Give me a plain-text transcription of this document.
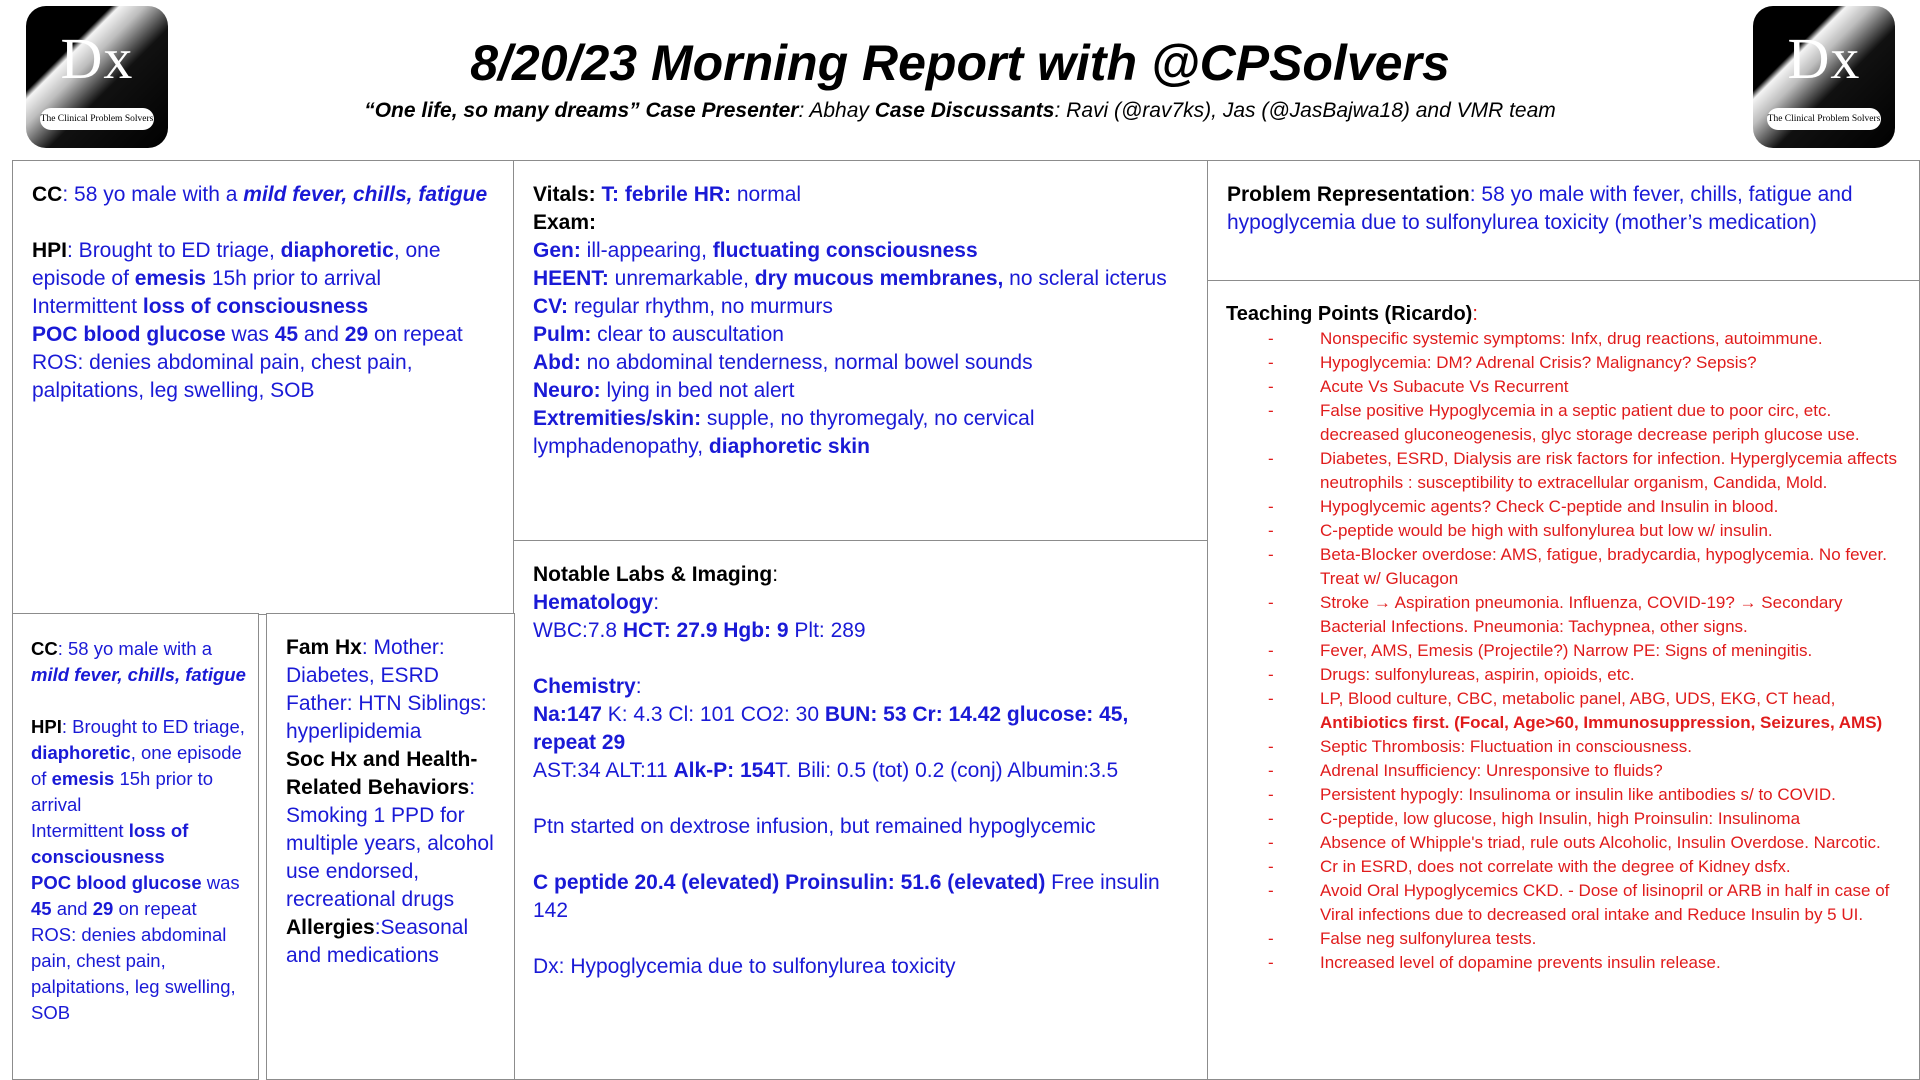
Dx
The Clinical Problem Solvers
Dx
The Clinical Problem Solvers
8/20/23 Morning Report with @CPSolvers
“One life, so many dreams” Case Presenter: Abhay Case Discussants: Ravi (@rav7ks), Jas (@JasBajwa18) and VMR team
CC: 58 yo male with a mild fever, chills, fatigue
HPI: Brought to ED triage, diaphoretic, one episode of emesis 15h prior to arrival
Intermittent loss of consciousness
POC blood glucose was 45 and 29 on repeat
ROS: denies abdominal pain, chest pain, palpitations, leg swelling, SOB
Vitals: T: febrile HR: normal
Exam:
Gen: ill-appearing, fluctuating consciousness
HEENT: unremarkable, dry mucous membranes, no scleral icterus
CV: regular rhythm, no murmurs
Pulm: clear to auscultation
Abd: no abdominal tenderness, normal bowel sounds
Neuro: lying in bed not alert
Extremities/skin: supple, no thyromegaly, no cervical lymphadenopathy, diaphoretic skin
Notable Labs & Imaging:
Hematology:
WBC:7.8 HCT: 27.9 Hgb: 9 Plt: 289

Chemistry:
Na:147 K: 4.3 Cl: 101 CO2: 30 BUN: 53 Cr: 14.42 glucose: 45, repeat 29
AST:34 ALT:11 Alk-P: 154T. Bili: 0.5 (tot) 0.2 (conj) Albumin:3.5

Ptn started on dextrose infusion, but remained hypoglycemic

C peptide 20.4 (elevated) Proinsulin: 51.6 (elevated) Free insulin 142

Dx: Hypoglycemia due to sulfonylurea toxicity
CC: 58 yo male with a mild fever, chills, fatigue
HPI: Brought to ED triage, diaphoretic, one episode of emesis 15h prior to arrival
Intermittent loss of consciousness
POC blood glucose was 45 and 29 on repeat
ROS: denies abdominal pain, chest pain, palpitations, leg swelling, SOB
Fam Hx: Mother: Diabetes, ESRD Father: HTN Siblings: hyperlipidemia
Soc Hx and Health-Related Behaviors: Smoking 1 PPD for multiple years, alcohol use endorsed, recreational drugs
Allergies:Seasonal and medications
Problem Representation: 58 yo male with fever, chills, fatigue and hypoglycemia due to sulfonylurea toxicity (mother’s medication)
Teaching Points (Ricardo):
-	Nonspecific systemic symptoms: Infx, drug reactions, autoimmune.
-	Hypoglycemia: DM? Adrenal Crisis? Malignancy? Sepsis?
-	Acute Vs Subacute Vs Recurrent
-	False positive Hypoglycemia in a septic patient due to poor circ, etc. decreased gluconeogenesis, glyc storage decrease periph glucose use.
-	Diabetes, ESRD, Dialysis are risk factors for infection. Hyperglycemia affects neutrophils : susceptibility to extracellular organism, Candida, Mold.
-	Hypoglycemic agents? Check C-peptide and Insulin in blood.
-	C-peptide would be high with sulfonylurea but low w/ insulin.
-	Beta-Blocker overdose: AMS, fatigue, bradycardia, hypoglycemia. No fever. Treat w/ Glucagon
-	Stroke → Aspiration pneumonia. Influenza, COVID-19? → Secondary Bacterial Infections. Pneumonia: Tachypnea, other signs.
-	Fever, AMS, Emesis (Projectile?) Narrow PE: Signs of meningitis.
-	Drugs: sulfonylureas, aspirin, opioids, etc.
-	LP, Blood culture, CBC, metabolic panel, ABG, UDS, EKG, CT head,
Antibiotics first. (Focal, Age>60, Immunosuppression, Seizures, AMS)
-	Septic Thrombosis: Fluctuation in consciousness.
-	Adrenal Insufficiency: Unresponsive to fluids?
-	Persistent hypogly: Insulinoma or insulin like antibodies s/ to COVID.
-	C-peptide, low glucose, high Insulin, high Proinsulin: Insulinoma
-	Absence of Whipple's triad, rule outs Alcoholic, Insulin Overdose. Narcotic.
-	Cr in ESRD, does not correlate with the degree of Kidney dsfx.
-	Avoid Oral Hypoglycemics CKD. - Dose of lisinopril or ARB in half in case of Viral infections due to decreased oral intake and Reduce Insulin by 5 UI.
-	False neg sulfonylurea tests.
-	Increased level of dopamine prevents insulin release.
